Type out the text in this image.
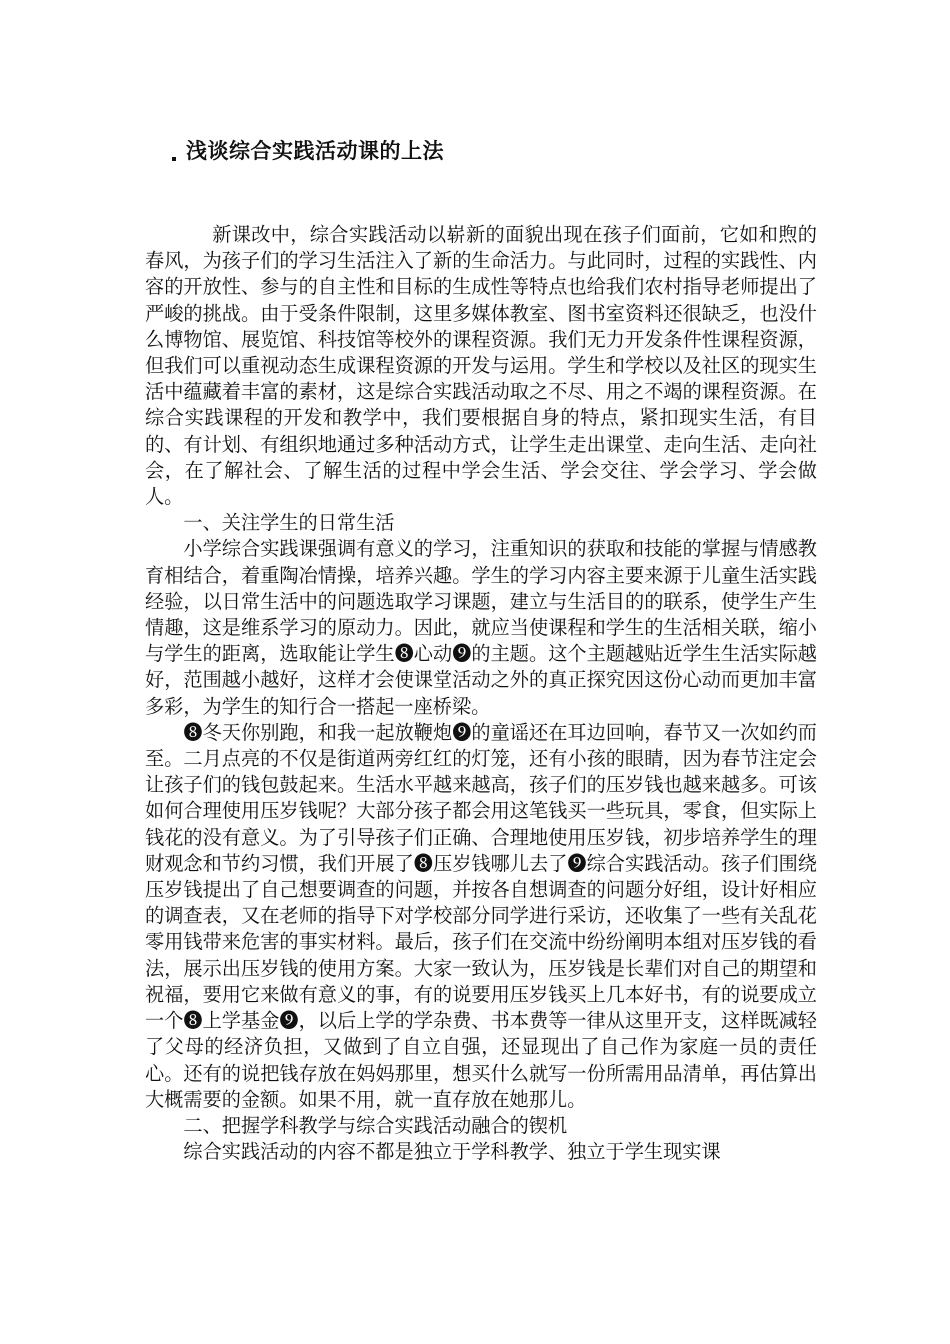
浅谈综合实践活动课的上法

新课改中，综合实践活动以崭新的面貌出现在孩子们面前，它如和煦的春风，为孩子们的学习生活注入了新的生命活力。与此同时，过程的实践性、内容的开放性、参与的自主性和目标的生成性等特点也给我们农村指导老师提出了严峻的挑战。由于受条件限制，这里多媒体教室、图书室资料还很缺乏，也没什么博物馆、展览馆、科技馆等校外的课程资源。我们无力开发条件性课程资源，但我们可以重视动态生成课程资源的开发与运用。学生和学校以及社区的现实生活中蕴藏着丰富的素材，这是综合实践活动取之不尽、用之不竭的课程资源。在综合实践课程的开发和教学中，我们要根据自身的特点，紧扣现实生活，有目的、有计划、有组织地通过多种活动方式，让学生走出课堂、走向生活、走向社会，在了解社会、了解生活的过程中学会生活、学会交往、学会学习、学会做人。

一、关注学生的日常生活

小学综合实践课强调有意义的学习，注重知识的获取和技能的掌握与情感教育相结合，着重陶冶情操，培养兴趣。学生的学习内容主要来源于儿童生活实践经验，以日常生活中的问题选取学习课题，建立与生活目的的联系，使学生产生情趣，这是维系学习的原动力。因此，就应当使课程和学生的生活相关联，缩小与学生的距离，选取能让学生❽心动❾的主题。这个主题越贴近学生生活实际越好，范围越小越好，这样才会使课堂活动之外的真正探究因这份心动而更加丰富多彩，为学生的知行合一搭起一座桥梁。

❽冬天你别跑，和我一起放鞭炮❾的童谣还在耳边回响，春节又一次如约而至。二月点亮的不仅是街道两旁红红的灯笼，还有小孩的眼睛，因为春节注定会让孩子们的钱包鼓起来。生活水平越来越高，孩子们的压岁钱也越来越多。可该如何合理使用压岁钱呢？大部分孩子都会用这笔钱买一些玩具，零食，但实际上钱花的没有意义。为了引导孩子们正确、合理地使用压岁钱，初步培养学生的理财观念和节约习惯，我们开展了❽压岁钱哪儿去了❾综合实践活动。孩子们围绕压岁钱提出了自己想要调查的问题，并按各自想调查的问题分好组，设计好相应的调查表，又在老师的指导下对学校部分同学进行采访，还收集了一些有关乱花零用钱带来危害的事实材料。最后，孩子们在交流中纷纷阐明本组对压岁钱的看法，展示出压岁钱的使用方案。大家一致认为，压岁钱是长辈们对自己的期望和祝福，要用它来做有意义的事，有的说要用压岁钱买上几本好书，有的说要成立一个❽上学基金❾，以后上学的学杂费、书本费等一律从这里开支，这样既减轻了父母的经济负担，又做到了自立自强，还显现出了自己作为家庭一员的责任心。还有的说把钱存放在妈妈那里，想买什么就写一份所需用品清单，再估算出大概需要的金额。如果不用，就一直存放在她那儿。

二、把握学科教学与综合实践活动融合的锲机

综合实践活动的内容不都是独立于学科教学、独立于学生现实课
